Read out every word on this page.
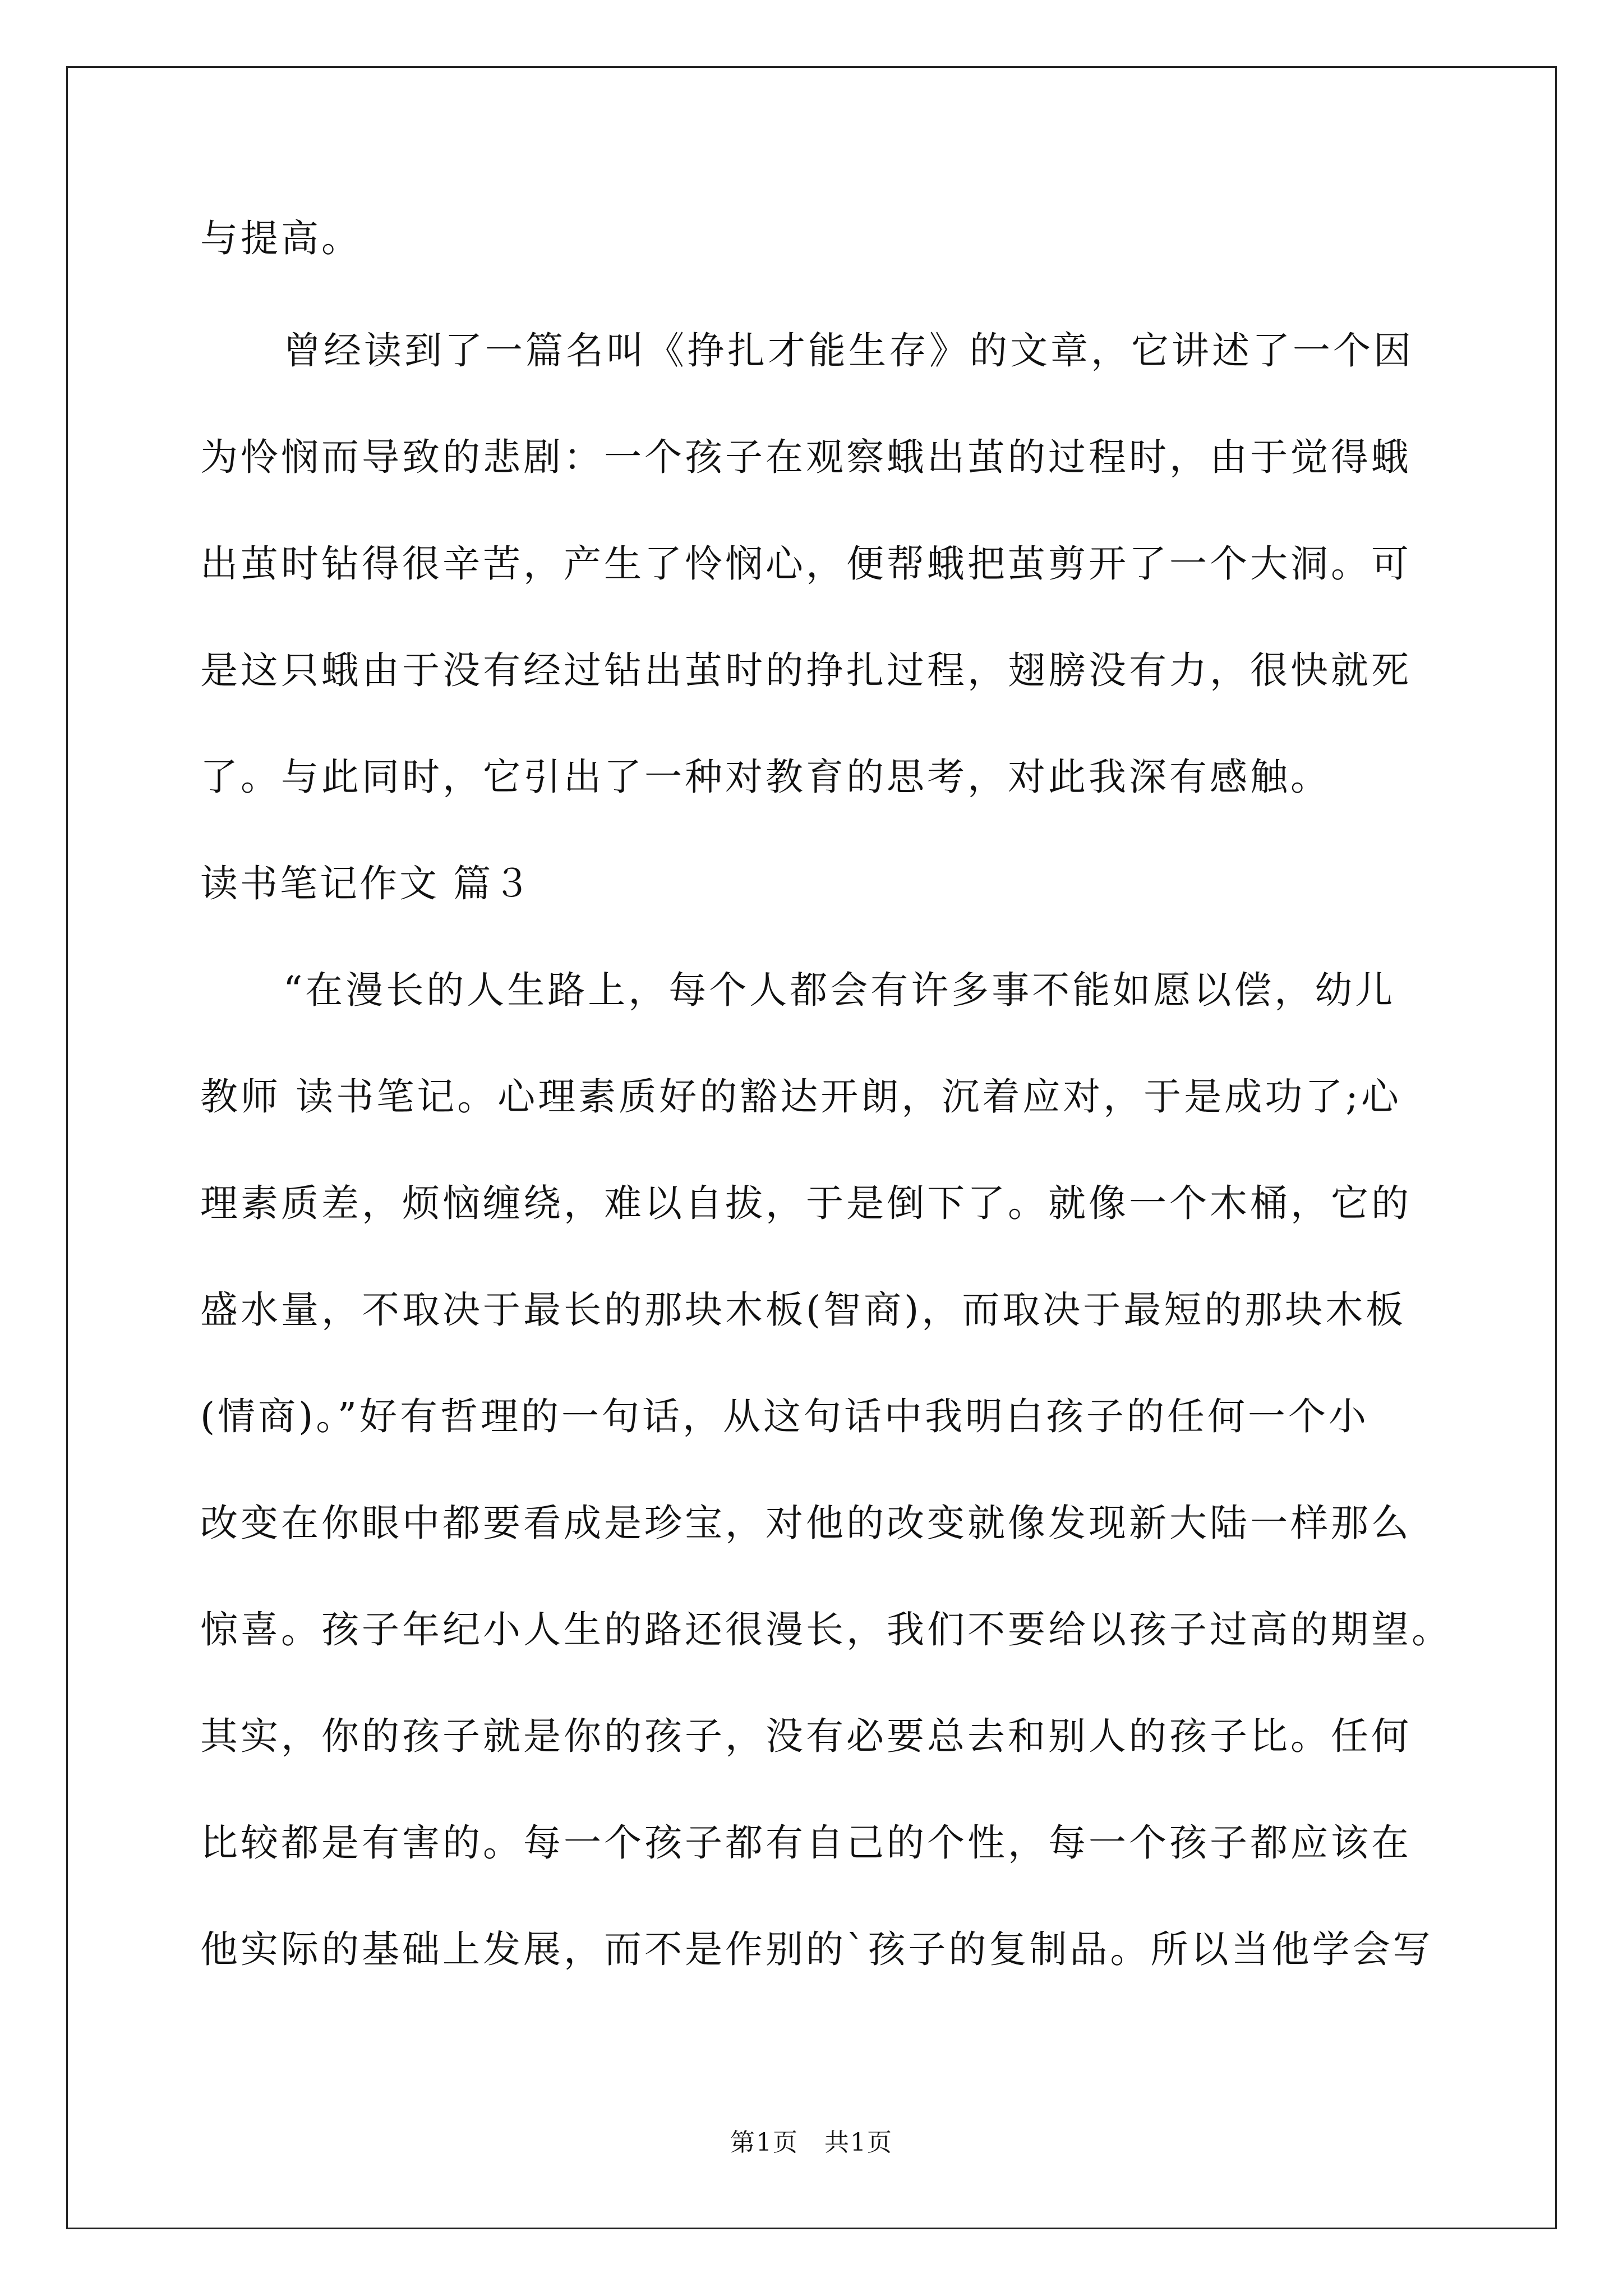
与提高。
曾经读到了一篇名叫《挣扎才能生存》的文章，它讲述了一个因
为怜悯而导致的悲剧：一个孩子在观察蛾出茧的过程时，由于觉得蛾
出茧时钻得很辛苦，产生了怜悯心，便帮蛾把茧剪开了一个大洞。可
是这只蛾由于没有经过钻出茧时的挣扎过程，翅膀没有力，很快就死
了。与此同时，它引出了一种对教育的思考，对此我深有感触。
读书笔记作文 篇３
“在漫长的人生路上，每个人都会有许多事不能如愿以偿，幼儿
教师 读书笔记。心理素质好的豁达开朗，沉着应对，于是成功了;心
理素质差，烦恼缠绕，难以自拔，于是倒下了。就像一个木桶，它的
盛水量，不取决于最长的那块木板(智商)，而取决于最短的那块木板
(情商)。”好有哲理的一句话，从这句话中我明白孩子的任何一个小
改变在你眼中都要看成是珍宝，对他的改变就像发现新大陆一样那么
惊喜。孩子年纪小人生的路还很漫长，我们不要给以孩子过高的期望。
其实，你的孩子就是你的孩子，没有必要总去和别人的孩子比。任何
比较都是有害的。每一个孩子都有自己的个性，每一个孩子都应该在
他实际的基础上发展，而不是作别的`孩子的复制品。所以当他学会写
第1页　共1页
